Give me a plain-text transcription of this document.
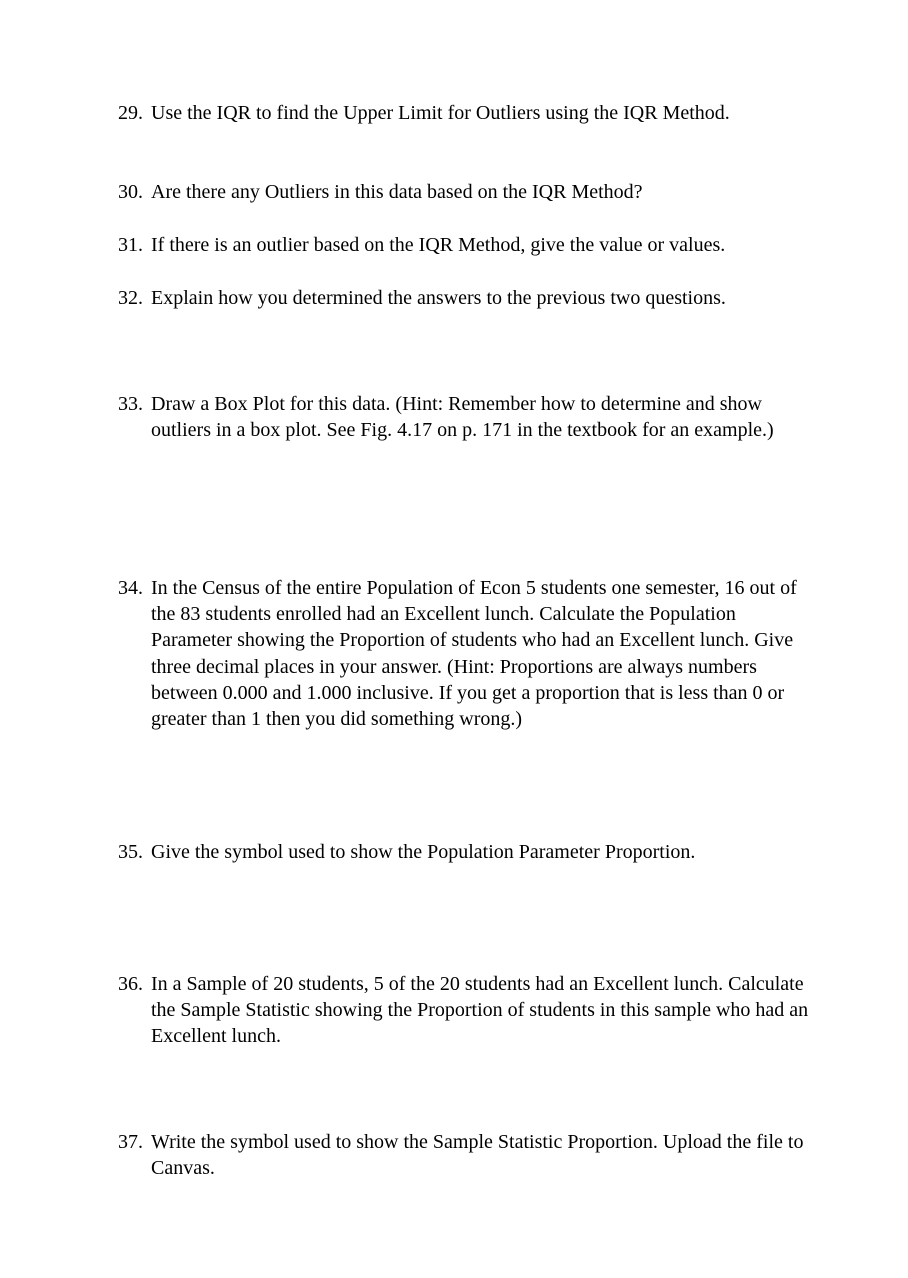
29. Use the IQR to find the Upper Limit for Outliers using the IQR Method.
30. Are there any Outliers in this data based on the IQR Method?
31. If there is an outlier based on the IQR Method, give the value or values.
32. Explain how you determined the answers to the previous two questions.
33. Draw a Box Plot for this data. (Hint: Remember how to determine and show
outliers in a box plot. See Fig. 4.17 on p. 171 in the textbook for an example.)
34. In the Census of the entire Population of Econ 5 students one semester, 16 out of
the 83 students enrolled had an Excellent lunch. Calculate the Population
Parameter showing the Proportion of students who had an Excellent lunch. Give
three decimal places in your answer. (Hint: Proportions are always numbers
between 0.000 and 1.000 inclusive. If you get a proportion that is less than 0 or
greater than 1 then you did something wrong.)
35. Give the symbol used to show the Population Parameter Proportion.
36. In a Sample of 20 students, 5 of the 20 students had an Excellent lunch. Calculate
the Sample Statistic showing the Proportion of students in this sample who had an
Excellent lunch.
37. Write the symbol used to show the Sample Statistic Proportion. Upload the file to
Canvas.
